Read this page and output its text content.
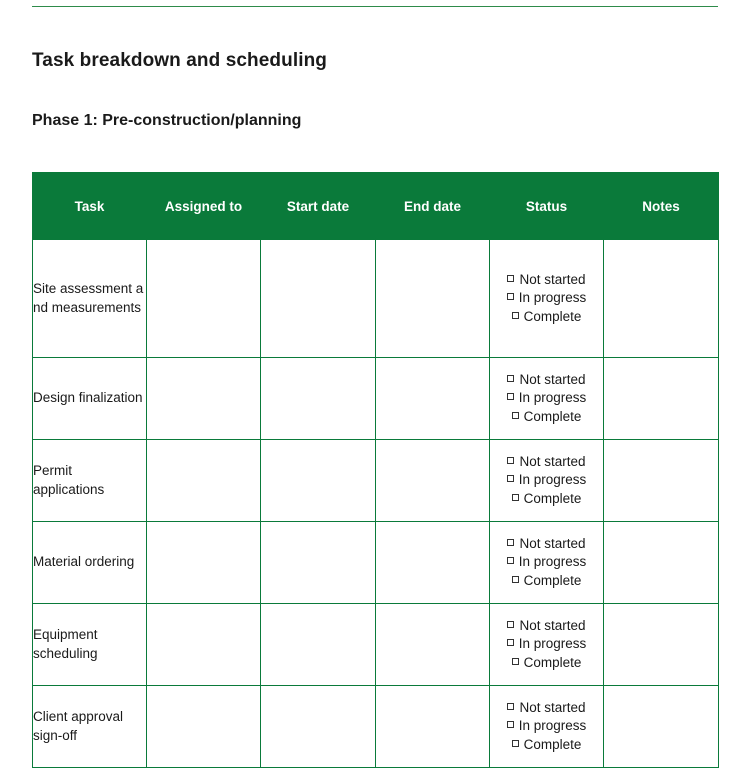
Task breakdown and scheduling
Phase 1: Pre-construction/planning
Task	Assigned to	Start date	End date	Status	Notes
Site assessment and measurements				Not started
In progress
Complete	

Design finalization				Not started
In progress
Complete	

Permit applications				Not started
In progress
Complete	

Material ordering				Not started
In progress
Complete	

Equipment scheduling				Not started
In progress
Complete	

Client approval sign-off				Not started
In progress
Complete	
